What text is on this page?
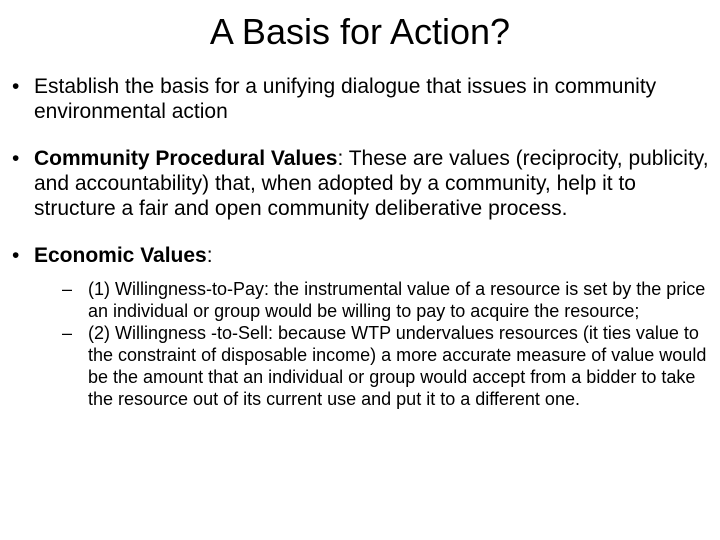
A Basis for Action?
• Establish the basis for a unifying dialogue that issues in community environmental action
• Community Procedural Values: These are values (reciprocity, publicity, and accountability) that, when adopted by a community, help it to structure a fair and open community deliberative process.
• Economic Values:
– (1) Willingness-to-Pay: the instrumental value of a resource is set by the price an individual or group would be willing to pay to acquire the resource;
– (2) Willingness -to-Sell: because WTP undervalues resources (it ties value to the constraint of disposable income) a more accurate measure of value would be the amount that an individual or group would accept from a bidder to take the resource out of its current use and put it to a different one.
